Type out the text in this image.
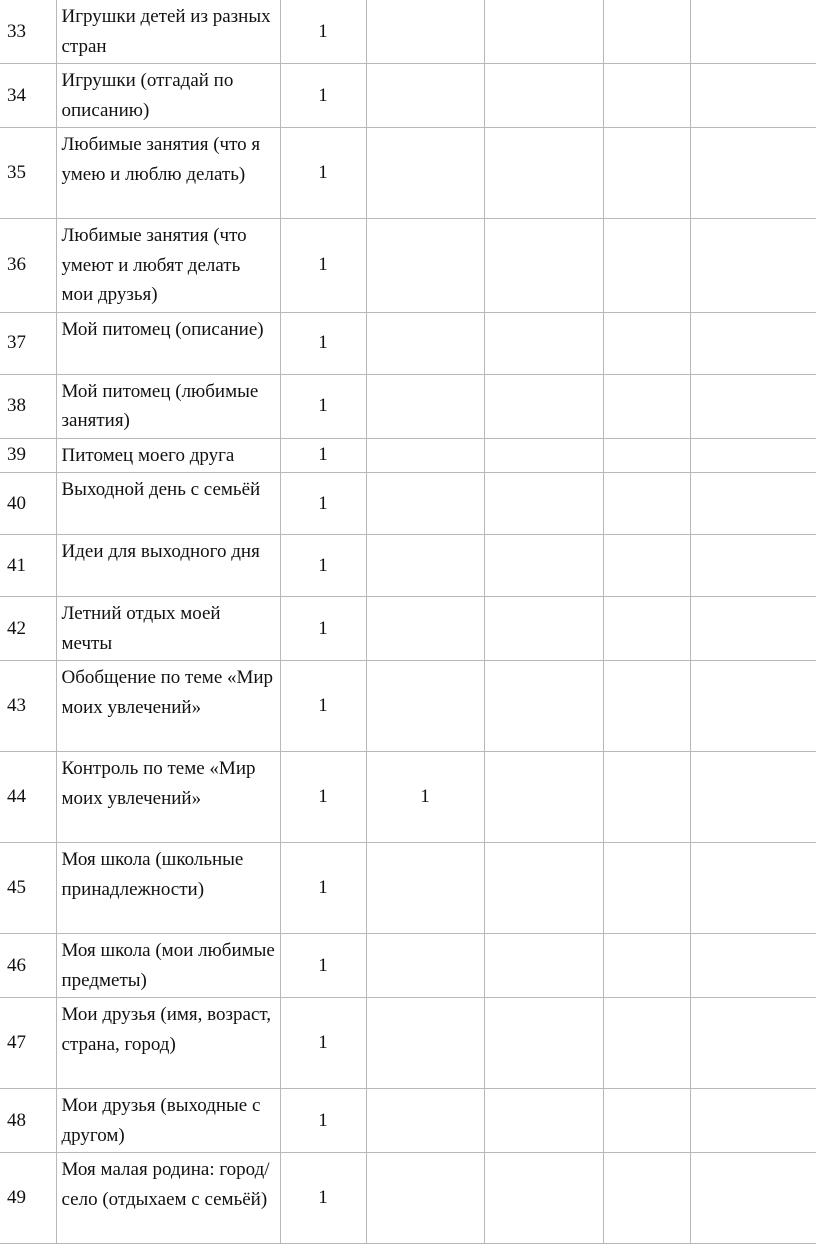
33	Игрушки детей из разных стран	1				
34	Игрушки (отгадай по описанию)	1				
35	Любимые занятия (что я умею и люблю делать)	1				
36	Любимые занятия (что умеют и любят делать мои друзья)	1				
37	Мой питомец (описание)	1				
38	Мой питомец (любимые занятия)	1				
39	Питомец моего друга	1				
40	Выходной день с семьёй	1				
41	Идеи для выходного дня	1				
42	Летний отдых моей мечты	1				
43	Обобщение по теме «Мир моих увлечений»	1				
44	Контроль по теме «Мир моих увлечений»	1	1			
45	Моя школа (школьные принадлежности)	1				
46	Моя школа (мои любимые предметы)	1				
47	Мои друзья (имя, возраст, страна, город)	1				
48	Мои друзья (выходные с другом)	1				
49	Моя малая родина: город/село (отдыхаем с семьёй)	1				
